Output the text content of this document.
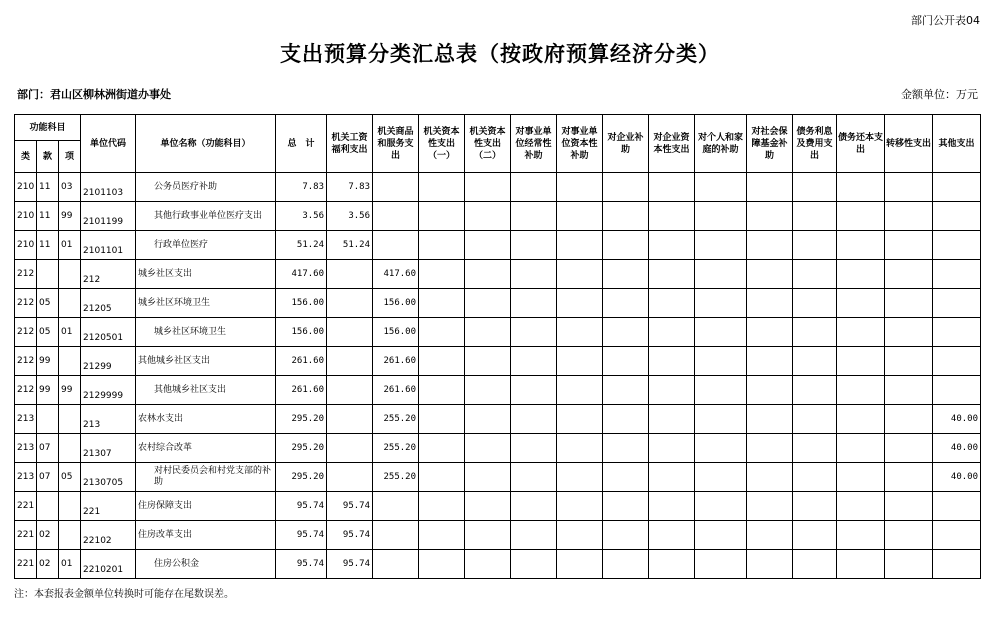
部门公开表04
支出预算分类汇总表（按政府预算经济分类）
部门：君山区柳林洲街道办事处	金额单位：万元
功能科目			单位代码	单位名称（功能科目）	总　计	机关工资福利支出	机关商品和服务支出	机关资本性支出（一）	机关资本性支出（二）	对事业单位经常性补助	对事业单位资本性补助	对企业补助	对企业资本性支出	对个人和家庭的补助	对社会保障基金补助	债务利息及费用支出	债务还本支出	转移性支出	其他支出
类	款	项																	
210	11	03	2101103	公务员医疗补助	7.83	7.83													
210	11	99	2101199	其他行政事业单位医疗支出	3.56	3.56													
210	11	01	2101101	行政单位医疗	51.24	51.24													
212			212	城乡社区支出	417.60		417.60												
212	05		21205	城乡社区环境卫生	156.00		156.00												
212	05	01	2120501	城乡社区环境卫生	156.00		156.00												
212	99		21299	其他城乡社区支出	261.60		261.60												
212	99	99	2129999	其他城乡社区支出	261.60		261.60												
213			213	农林水支出	295.20		255.20												40.00
213	07		21307	农村综合改革	295.20		255.20												40.00
213	07	05	2130705	对村民委员会和村党支部的补助	295.20		255.20												40.00
221			221	住房保障支出	95.74	95.74													
221	02		22102	住房改革支出	95.74	95.74													
221	02	01	2210201	住房公积金	95.74	95.74													
注：本套报表金额单位转换时可能存在尾数误差。
